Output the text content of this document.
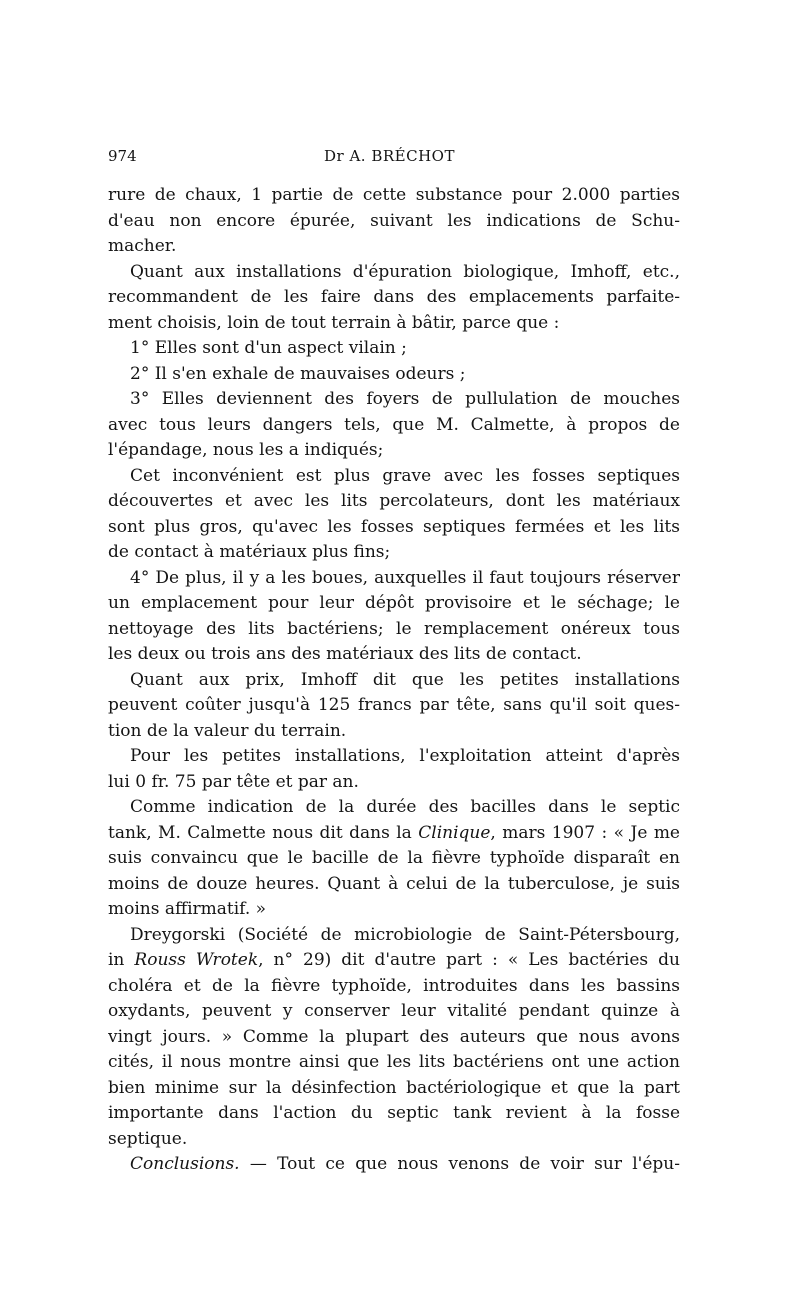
974	Dr A. BRÉCHOT
rure de chaux, 1 partie de cette substance pour 2.000 parties
d'eau non encore épurée, suivant les indications de Schu-
macher.
Quant aux installations d'épuration biologique, Imhoff, etc.,
recommandent de les faire dans des emplacements parfaite-
ment choisis, loin de tout terrain à bâtir, parce que :
1° Elles sont d'un aspect vilain ;
2° Il s'en exhale de mauvaises odeurs ;
3° Elles deviennent des foyers de pullulation de mouches
avec tous leurs dangers tels, que M. Calmette, à propos de
l'épandage, nous les a indiqués;
Cet inconvénient est plus grave avec les fosses septiques
découvertes et avec les lits percolateurs, dont les matériaux
sont plus gros, qu'avec les fosses septiques fermées et les lits
de contact à matériaux plus fins;
4° De plus, il y a les boues, auxquelles il faut toujours réserver
un emplacement pour leur dépôt provisoire et le séchage; le
nettoyage des lits bactériens; le remplacement onéreux tous
les deux ou trois ans des matériaux des lits de contact.
Quant aux prix, Imhoff dit que les petites installations
peuvent coûter jusqu'à 125 francs par tête, sans qu'il soit ques-
tion de la valeur du terrain.
Pour les petites installations, l'exploitation atteint d'après
lui 0 fr. 75 par tête et par an.
Comme indication de la durée des bacilles dans le septic
tank, M. Calmette nous dit dans la Clinique, mars 1907 : « Je me
suis convaincu que le bacille de la fièvre typhoïde disparaît en
moins de douze heures. Quant à celui de la tuberculose, je suis
moins affirmatif. »
Dreygorski (Société de microbiologie de Saint-Pétersbourg,
in Rouss Wrotek, n° 29) dit d'autre part : « Les bactéries du
choléra et de la fièvre typhoïde, introduites dans les bassins
oxydants, peuvent y conserver leur vitalité pendant quinze à
vingt jours. » Comme la plupart des auteurs que nous avons
cités, il nous montre ainsi que les lits bactériens ont une action
bien minime sur la désinfection bactériologique et que la part
importante dans l'action du septic tank revient à la fosse
septique.
Conclusions. — Tout ce que nous venons de voir sur l'épu-
